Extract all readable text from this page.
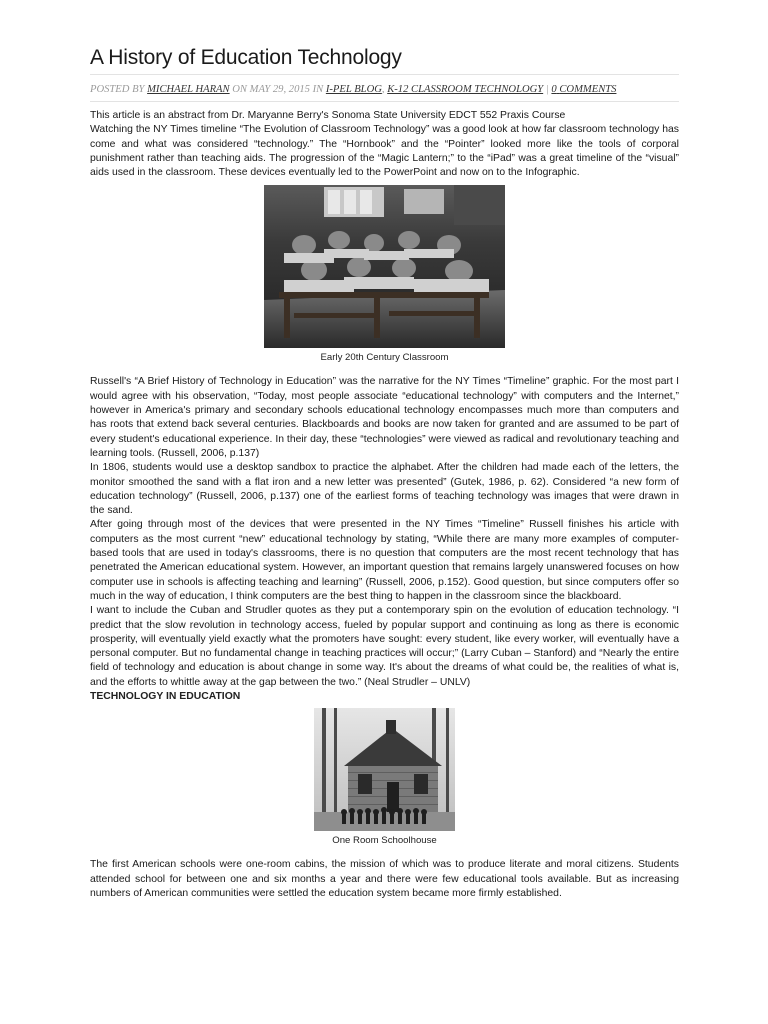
A History of Education Technology
POSTED BY MICHAEL HARAN ON MAY 29, 2015 IN I-PEL BLOG, K-12 CLASSROOM TECHNOLOGY | 0 COMMENTS

This article is an abstract from Dr. Maryanne Berry's Sonoma State University EDCT 552 Praxis Course

Watching the NY Times timeline “The Evolution of Classroom Technology” was a good look at how far classroom technology has come and what was considered “technology.” The “Hornbook” and the “Pointer” looked more like the tools of corporal punishment rather than teaching aids. The progression of the “Magic Lantern;” to the “iPad” was a great timeline of the “visual” aids used in the classroom. These devices eventually led to the PowerPoint and now on to the Infographic.

Early 20th Century Classroom

Russell's “A Brief History of Technology in Education” was the narrative for the NY Times “Timeline” graphic. For the most part I would agree with his observation, “Today, most people associate “educational technology” with computers and the Internet,” however in America's primary and secondary schools educational technology encompasses much more than computers and has roots that extend back several centuries. Blackboards and books are now taken for granted and are assumed to be part of every student's educational experience. In their day, these “technologies” were viewed as radical and revolutionary teaching and learning tools. (Russell, 2006, p.137)

In 1806, students would use a desktop sandbox to practice the alphabet. After the children had made each of the letters, the monitor smoothed the sand with a flat iron and a new letter was presented” (Gutek, 1986, p. 62). Considered “a new form of education technology” (Russell, 2006, p.137) one of the earliest forms of teaching technology was images that were drawn in the sand.

After going through most of the devices that were presented in the NY Times “Timeline” Russell finishes his article with computers as the most current “new” educational technology by stating, “While there are many more examples of computer-based tools that are used in today's classrooms, there is no question that computers are the most recent technology that has penetrated the American educational system. However, an important question that remains largely unanswered focuses on how computer use in schools is affecting teaching and learning” (Russell, 2006, p.152). Good question, but since computers offer so much in the way of education, I think computers are the best thing to happen in the classroom since the blackboard.

I want to include the Cuban and Strudler quotes as they put a contemporary spin on the evolution of education technology. “I predict that the slow revolution in technology access, fueled by popular support and continuing as long as there is economic prosperity, will eventually yield exactly what the promoters have sought: every student, like every worker, will eventually have a personal computer. But no fundamental change in teaching practices will occur;” (Larry Cuban – Stanford) and “Nearly the entire field of technology and education is about change in some way. It's about the dreams of what could be, the realities of what is, and the efforts to whittle away at the gap between the two.” (Neal Strudler – UNLV)

TECHNOLOGY IN EDUCATION

One Room Schoolhouse

The first American schools were one-room cabins, the mission of which was to produce literate and moral citizens. Students attended school for between one and six months a year and there were few educational tools available. But as increasing numbers of American communities were settled the education system became more firmly established.
